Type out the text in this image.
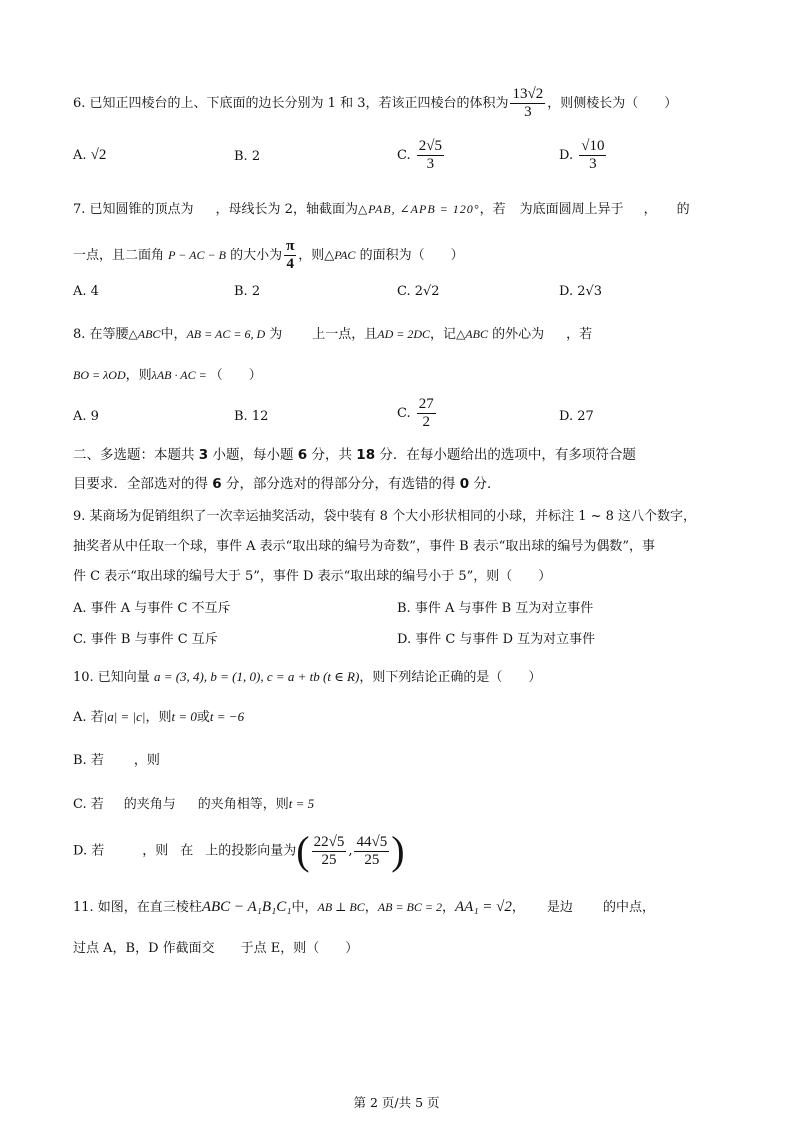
6. 已知正四棱台的上、下底面的边长分别为 1 和 3，若该正四棱台的体积为 $\frac{13√2}{3}$ ，则侧棱长为（　　）
A. √2	B. 2	C. $\frac{2√5}{3}$	D. $\frac{√10}{3}$
7. 已知圆锥的顶点为 ，母线长为 2，轴截面为△PAB, ∠APB = 120°，若 为底面圆周上异于 ， 的
一点，且二面角 P − AC − B 的大小为 $\frac{\pi}{4}$ ，则△PAC 的面积为（　　）
A. 4	B. 2	C. 2√2	D. 2√3
8. 在等腰△ABC中，AB = AC = 6, D 为 上一点，且AD = 2DC，记△ABC 的外心为 ，若
BO = λOD，则λAB · AC = （　　）
A. 9	B. 12	C. $\frac{27}{2}$	D. 27
二、多选题：本题共 3 小题，每小题 6 分，共 18 分．在每小题给出的选项中，有多项符合题
目要求．全部选对的得 6 分，部分选对的得部分分，有选错的得 0 分．
9. 某商场为促销组织了一次幸运抽奖活动，袋中装有 8 个大小形状相同的小球，并标注 1 ~ 8 这八个数字，
抽奖者从中任取一个球，事件 A 表示“取出球的编号为奇数”，事件 B 表示“取出球的编号为偶数”，事
件 C 表示“取出球的编号大于 5”，事件 D 表示“取出球的编号小于 5”，则（　　）
A. 事件 A 与事件 C 不互斥	B. 事件 A 与事件 B 互为对立事件
C. 事件 B 与事件 C 互斥	D. 事件 C 与事件 D 互为对立事件
10. 已知向量 a = (3, 4), b = (1, 0), c = a + tb (t ∈ R)，则下列结论正确的是（　　）
A. 若|a| = |c|，则t = 0或t = −6
B. 若 ，则
C. 若 的夹角与 的夹角相等，则t = 5
D. 若	，则 在 上的投影向量为( $\frac{22√5}{25}$ , $\frac{44√5}{25}$ )
11. 如图，在直三棱柱ABC − A₁B₁C₁中，AB ⊥ BC，AB = BC = 2，AA₁ = √2， 是边 的中点，
过点 A，B，D 作截面交 于点 E，则（　　）
第 2 页/共 5 页
